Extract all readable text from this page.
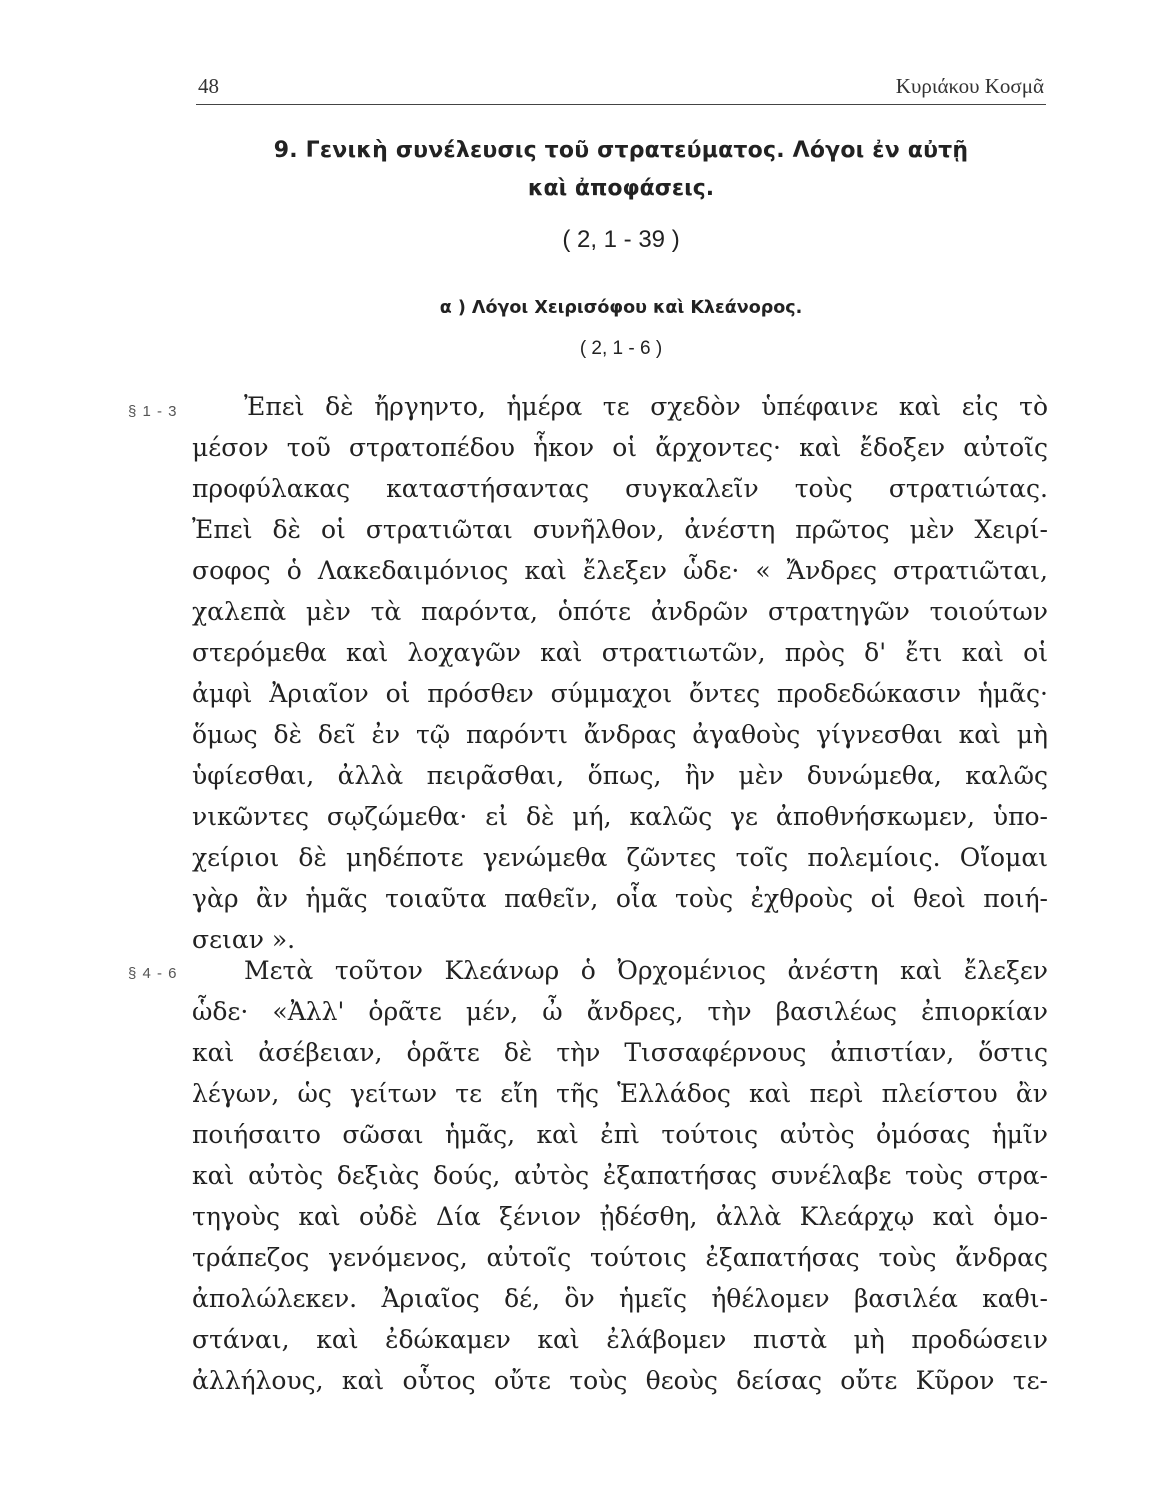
48	Κυριάκου Κοσμᾶ
9. Γενικὴ συνέλευσις τοῦ στρατεύματος. Λόγοι ἐν αὐτῇ
καὶ ἀποφάσεις.
( 2, 1 - 39 )
α ) Λόγοι Χειρισόφου καὶ Κλεάνορος.
( 2, 1 - 6 )
§ 1 - 3	Ἐπεὶ δὲ ἤργηντο, ἡμέρα τε σχεδὸν ὑπέφαινε καὶ εἰς τὸ
μέσον τοῦ στρατοπέδου ἧκον οἱ ἄρχοντες· καὶ ἔδοξεν αὐτοῖς
προφύλακας καταστήσαντας συγκαλεῖν τοὺς στρατιώτας.
Ἐπεὶ δὲ οἱ στρατιῶται συνῆλθον, ἀνέστη πρῶτος μὲν Χειρί-
σοφος ὁ Λακεδαιμόνιος καὶ ἔλεξεν ὧδε· « Ἄνδρες στρατιῶται,
χαλεπὰ μὲν τὰ παρόντα, ὁπότε ἀνδρῶν στρατηγῶν τοιούτων
στερόμεθα καὶ λοχαγῶν καὶ στρατιωτῶν, πρὸς δ' ἔτι καὶ οἱ
ἀμφὶ Ἀριαῖον οἱ πρόσθεν σύμμαχοι ὄντες προδεδώκασιν ἡμᾶς·
ὅμως δὲ δεῖ ἐν τῷ παρόντι ἄνδρας ἀγαθοὺς γίγνεσθαι καὶ μὴ
ὑφίεσθαι, ἀλλὰ πειρᾶσθαι, ὅπως, ἢν μὲν δυνώμεθα, καλῶς
νικῶντες σῳζώμεθα· εἰ δὲ μή, καλῶς γε ἀποθνήσκωμεν, ὑπο-
χείριοι δὲ μηδέποτε γενώμεθα ζῶντες τοῖς πολεμίοις. Οἴομαι
γὰρ ἂν ἡμᾶς τοιαῦτα παθεῖν, οἷα τοὺς ἐχθροὺς οἱ θεοὶ ποιή-
σειαν ».
§ 4 - 6	Μετὰ τοῦτον Κλεάνωρ ὁ Ὀρχομένιος ἀνέστη καὶ ἔλεξεν
ὧδε· «Ἀλλ' ὁρᾶτε μέν, ὦ ἄνδρες, τὴν βασιλέως ἐπιορκίαν
καὶ ἀσέβειαν, ὁρᾶτε δὲ τὴν Τισσαφέρνους ἀπιστίαν, ὅστις
λέγων, ὡς γείτων τε εἴη τῆς Ἑλλάδος καὶ περὶ πλείστου ἂν
ποιήσαιτο σῶσαι ἡμᾶς, καὶ ἐπὶ τούτοις αὐτὸς ὀμόσας ἡμῖν
καὶ αὐτὸς δεξιὰς δούς, αὐτὸς ἐξαπατήσας συνέλαβε τοὺς στρα-
τηγοὺς καὶ οὐδὲ Δία ξένιον ᾐδέσθη, ἀλλὰ Κλεάρχῳ καὶ ὁμο-
τράπεζος γενόμενος, αὐτοῖς τούτοις ἐξαπατήσας τοὺς ἄνδρας
ἀπολώλεκεν. Ἀριαῖος δέ, ὃν ἡμεῖς ἠθέλομεν βασιλέα καθι-
στάναι, καὶ ἐδώκαμεν καὶ ἐλάβομεν πιστὰ μὴ προδώσειν
ἀλλήλους, καὶ οὗτος οὔτε τοὺς θεοὺς δείσας οὔτε Κῦρον τε-
